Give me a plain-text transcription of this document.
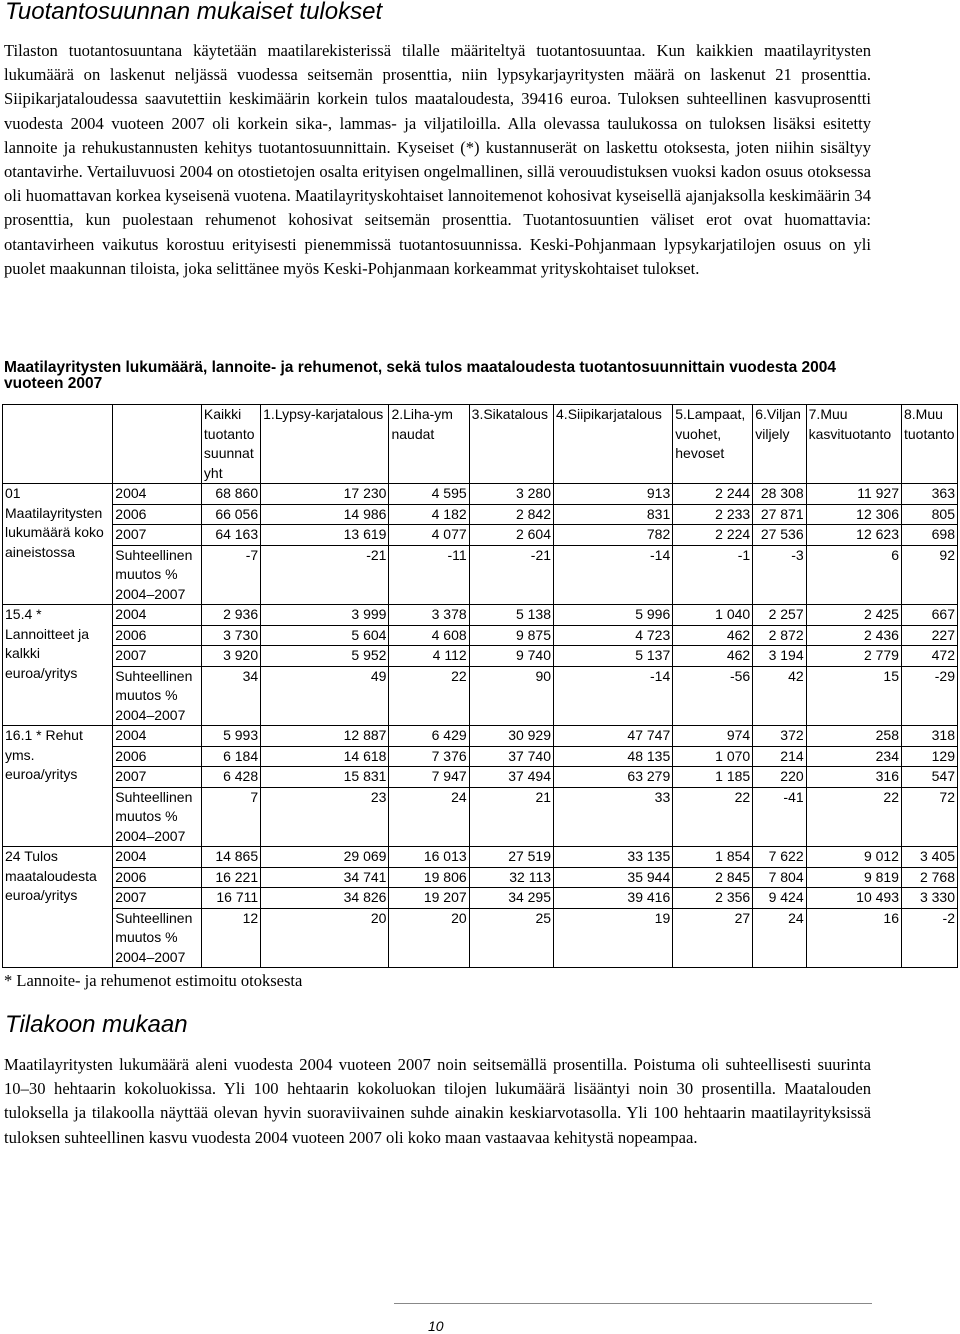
Tuotantosuunnan mukaiset tulokset

Tilaston tuotantosuuntana käytetään maatilarekisterissä tilalle määriteltyä tuotantosuuntaa. Kun kaikkien maatilayritysten lukumäärä on laskenut neljässä vuodessa seitsemän prosenttia, niin lypsykarjayritysten määrä on laskenut 21 prosenttia. Siipikarjataloudessa saavutettiin keskimäärin korkein tulos maataloudesta, 39416 euroa. Tuloksen suhteellinen kasvuprosentti vuodesta 2004 vuoteen 2007 oli korkein sika-, lammas- ja viljatiloilla. Alla olevassa taulukossa on tuloksen lisäksi esitetty lannoite ja rehukustannusten kehitys tuotantosuunnittain. Kyseiset (*) kustannuserät on laskettu otoksesta, joten niihin sisältyy otantavirhe. Vertailuvuosi 2004 on otostietojen osalta erityisen ongelmallinen, sillä verouudistuksen vuoksi kadon osuus otoksessa oli huomattavan korkea kyseisenä vuotena. Maatilayrityskohtaiset lannoitemenot kohosivat kyseisellä ajanjaksolla keskimäärin 34 prosenttia, kun puolestaan rehumenot kohosivat seitsemän prosenttia. Tuotantosuuntien väliset erot ovat huomattavia: otantavirheen vaikutus korostuu erityisesti pienemmissä tuotantosuunnissa. Keski-Pohjanmaan lypsykarjatilojen osuus on yli puolet maakunnan tiloista, joka selittänee myös Keski-Pohjanmaan korkeammat yrityskohtaiset tulokset.

Maatilayritysten lukumäärä, lannoite- ja rehumenot, sekä tulos maataloudesta tuotantosuunnittain vuodesta 2004 vuoteen 2007

		Kaikki tuotanto suunnat yht	1.Lypsy-karjatalous	2.Liha-ym naudat	3.Sikatalous	4.Siipikarjatalous	5.Lampaat, vuohet, hevoset	6.Viljan viljely	7.Muu kasvituotanto	8.Muu tuotanto
01 Maatilayritysten lukumäärä koko aineistossa	2004	68 860	17 230	4 595	3 280	913	2 244	28 308	11 927	363
	2006	66 056	14 986	4 182	2 842	831	2 233	27 871	12 306	805
	2007	64 163	13 619	4 077	2 604	782	2 224	27 536	12 623	698
	Suhteellinen muutos % 2004–2007	-7	-21	-11	-21	-14	-1	-3	6	92
15.4 * Lannoitteet ja kalkki euroa/yritys	2004	2 936	3 999	3 378	5 138	5 996	1 040	2 257	2 425	667
	2006	3 730	5 604	4 608	9 875	4 723	462	2 872	2 436	227
	2007	3 920	5 952	4 112	9 740	5 137	462	3 194	2 779	472
	Suhteellinen muutos % 2004–2007	34	49	22	90	-14	-56	42	15	-29
16.1 * Rehut yms. euroa/yritys	2004	5 993	12 887	6 429	30 929	47 747	974	372	258	318
	2006	6 184	14 618	7 376	37 740	48 135	1 070	214	234	129
	2007	6 428	15 831	7 947	37 494	63 279	1 185	220	316	547
	Suhteellinen muutos % 2004–2007	7	23	24	21	33	22	-41	22	72
24 Tulos maataloudesta euroa/yritys	2004	14 865	29 069	16 013	27 519	33 135	1 854	7 622	9 012	3 405
	2006	16 221	34 741	19 806	32 113	35 944	2 845	7 804	9 819	2 768
	2007	16 711	34 826	19 207	34 295	39 416	2 356	9 424	10 493	3 330
	Suhteellinen muutos % 2004–2007	12	20	20	25	19	27	24	16	-2

* Lannoite- ja rehumenot estimoitu otoksesta

Tilakoon mukaan

Maatilayritysten lukumäärä aleni vuodesta 2004 vuoteen 2007 noin seitsemällä prosentilla. Poistuma oli suhteellisesti suurinta 10–30 hehtaarin kokoluokissa. Yli 100 hehtaarin kokoluokan tilojen lukumäärä lisääntyi noin 30 prosentilla. Maatalouden tuloksella ja tilakoolla näyttää olevan hyvin suoraviivainen suhde ainakin keskiarvotasolla. Yli 100 hehtaarin maatilayrityksissä tuloksen suhteellinen kasvu vuodesta 2004 vuoteen 2007 oli koko maan vastaavaa kehitystä nopeampaa.

10
